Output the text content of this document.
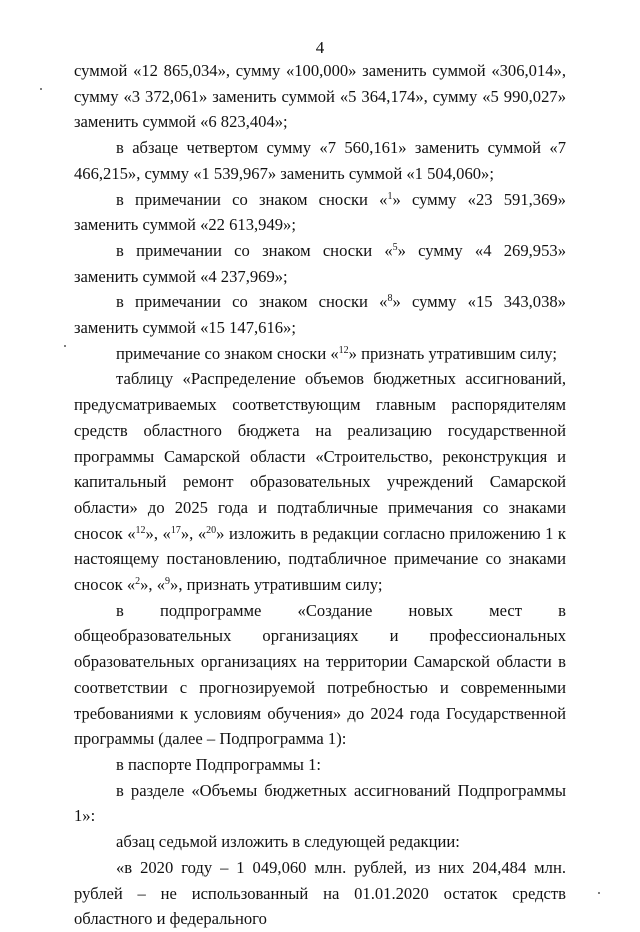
4

суммой «12 865,034», сумму «100,000» заменить суммой «306,014», сумму «3 372,061» заменить суммой «5 364,174», сумму «5 990,027» заменить суммой «6 823,404»;

в абзаце четвертом сумму «7 560,161» заменить суммой «7 466,215», сумму «1 539,967» заменить суммой «1 504,060»;

в примечании со знаком сноски «$^1$» сумму «23 591,369» заменить суммой «22 613,949»;

в примечании со знаком сноски «$^5$» сумму «4 269,953» заменить суммой «4 237,969»;

в примечании со знаком сноски «$^8$» сумму «15 343,038» заменить суммой «15 147,616»;

примечание со знаком сноски «$^{12}$» признать утратившим силу;

таблицу «Распределение объемов бюджетных ассигнований, предусматриваемых соответствующим главным распорядителям средств областного бюджета на реализацию государственной программы Самарской области «Строительство, реконструкция и капитальный ремонт образовательных учреждений Самарской области» до 2025 года и подтабличные примечания со знаками сносок «$^{12}$», «$^{17}$», «$^{20}$» изложить в редакции согласно приложению 1 к настоящему постановлению, подтабличное примечание со знаками сносок «$^2$», «$^9$», признать утратившим силу;

в подпрограмме «Создание новых мест в общеобразовательных организациях и профессиональных образовательных организациях на территории Самарской области в соответствии с прогнозируемой потребностью и современными требованиями к условиям обучения» до 2024 года Государственной программы (далее – Подпрограмма 1):

в паспорте Подпрограммы 1:

в разделе «Объемы бюджетных ассигнований Подпрограммы 1»:

абзац седьмой изложить в следующей редакции:

«в 2020 году – 1 049,060 млн. рублей, из них 204,484 млн. рублей – не использованный на 01.01.2020 остаток средств областного и федерального
